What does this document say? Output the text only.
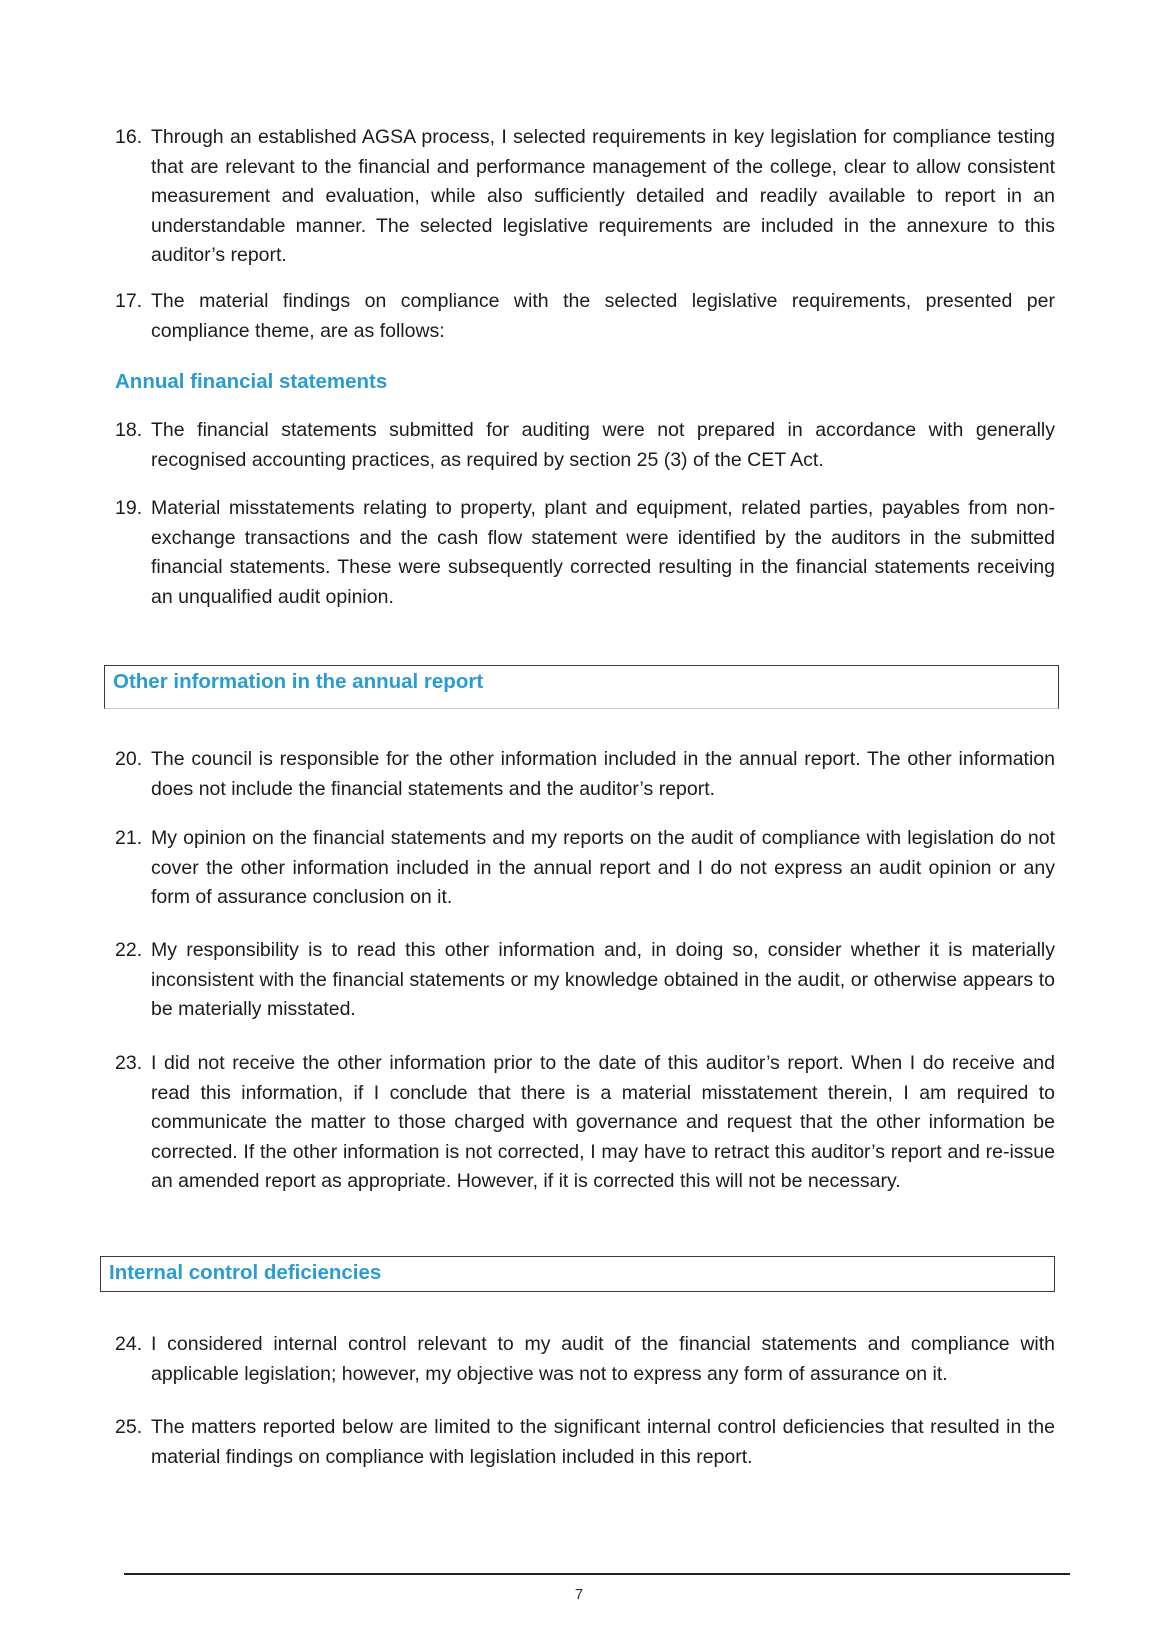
16. Through an established AGSA process, I selected requirements in key legislation for compliance testing that are relevant to the financial and performance management of the college, clear to allow consistent measurement and evaluation, while also sufficiently detailed and readily available to report in an understandable manner. The selected legislative requirements are included in the annexure to this auditor’s report.

17. The material findings on compliance with the selected legislative requirements, presented per compliance theme, are as follows:

Annual financial statements

18. The financial statements submitted for auditing were not prepared in accordance with generally recognised accounting practices, as required by section 25 (3) of the CET Act.

19. Material misstatements relating to property, plant and equipment, related parties, payables from non-exchange transactions and the cash flow statement were identified by the auditors in the submitted financial statements. These were subsequently corrected resulting in the financial statements receiving an unqualified audit opinion.

Other information in the annual report

20. The council is responsible for the other information included in the annual report. The other information does not include the financial statements and the auditor’s report.

21. My opinion on the financial statements and my reports on the audit of compliance with legislation do not cover the other information included in the annual report and I do not express an audit opinion or any form of assurance conclusion on it.

22. My responsibility is to read this other information and, in doing so, consider whether it is materially inconsistent with the financial statements or my knowledge obtained in the audit, or otherwise appears to be materially misstated.

23. I did not receive the other information prior to the date of this auditor’s report. When I do receive and read this information, if I conclude that there is a material misstatement therein, I am required to communicate the matter to those charged with governance and request that the other information be corrected. If the other information is not corrected, I may have to retract this auditor’s report and re-issue an amended report as appropriate. However, if it is corrected this will not be necessary.

Internal control deficiencies

24. I considered internal control relevant to my audit of the financial statements and compliance with applicable legislation; however, my objective was not to express any form of assurance on it.

25. The matters reported below are limited to the significant internal control deficiencies that resulted in the material findings on compliance with legislation included in this report.

7
